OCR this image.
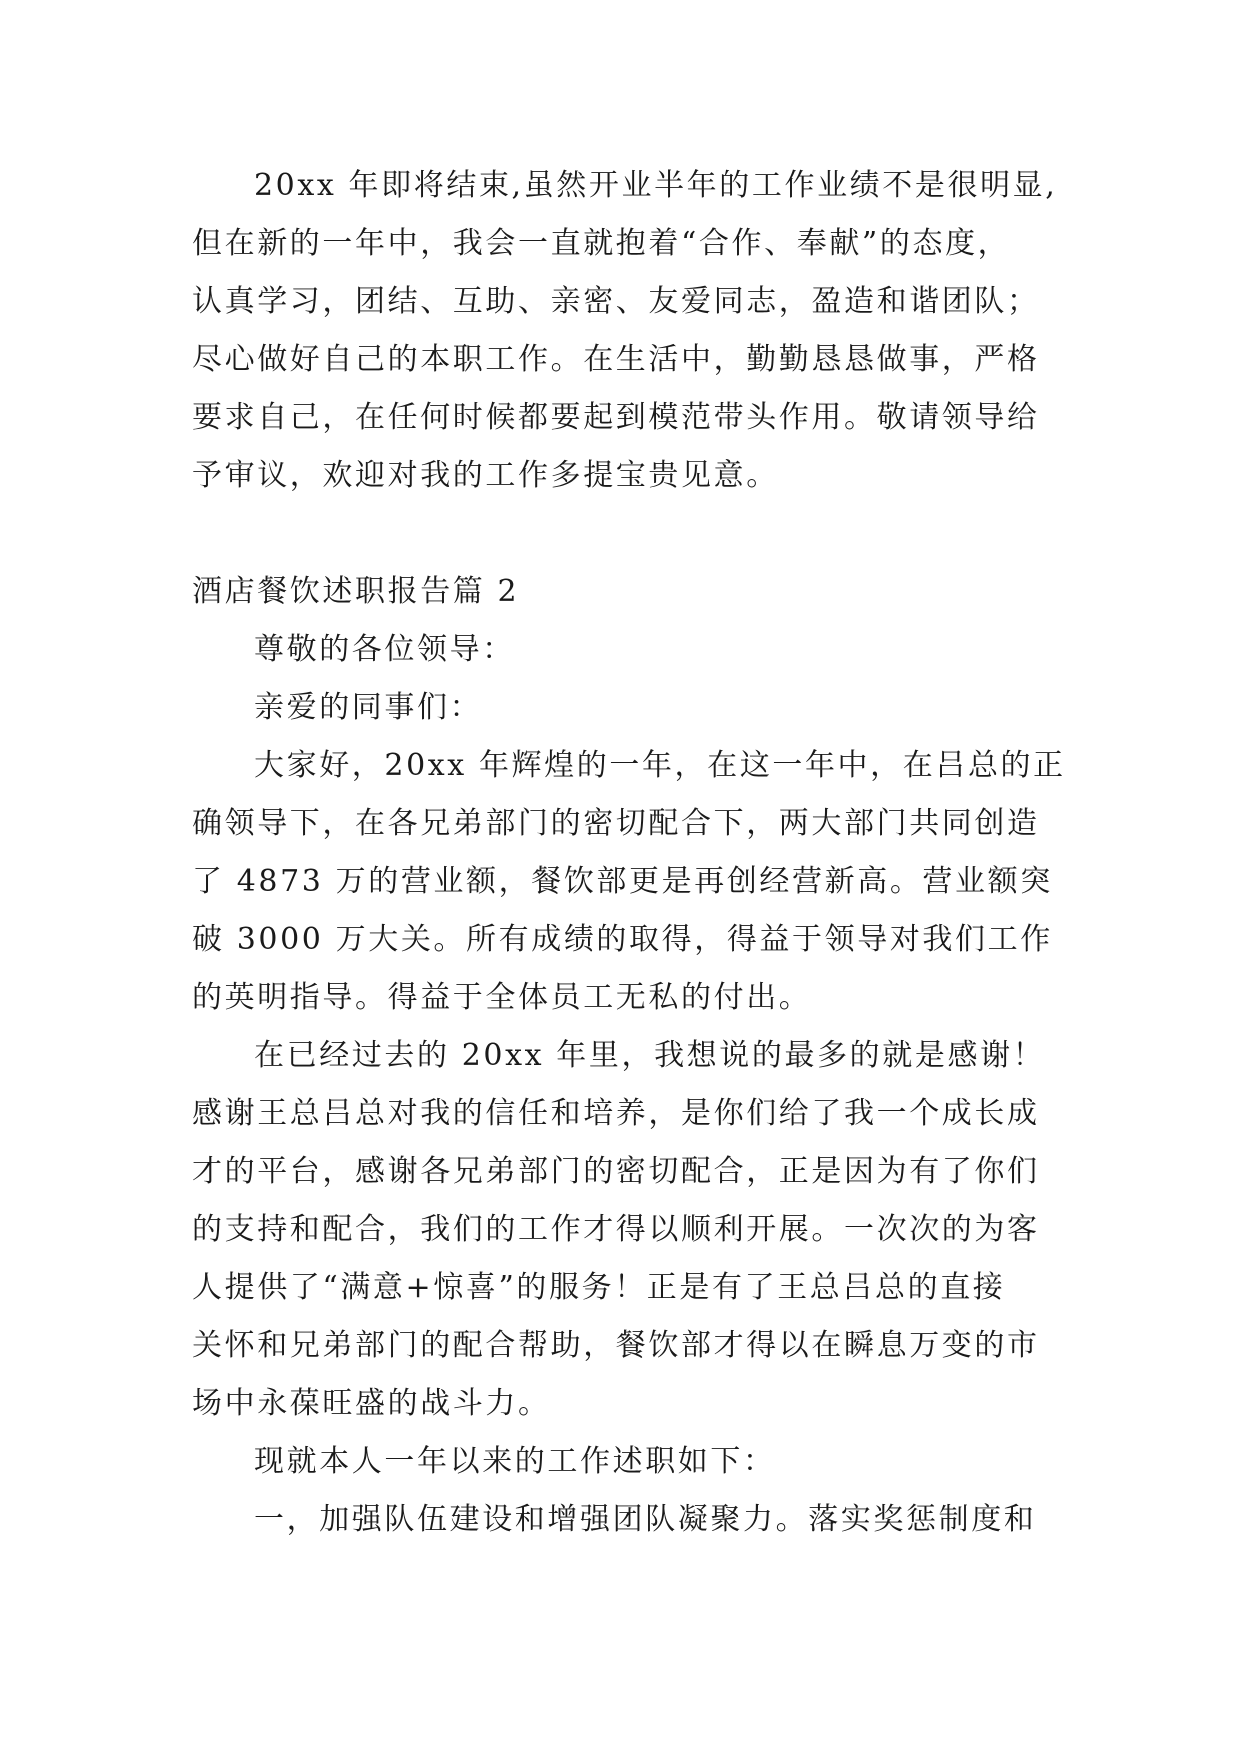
20xx 年即将结束,虽然开业半年的工作业绩不是很明显,
但在新的一年中，我会一直就抱着“合作、奉献”的态度，
认真学习，团结、互助、亲密、友爱同志，盈造和谐团队；
尽心做好自己的本职工作。在生活中，勤勤恳恳做事，严格
要求自己，在任何时候都要起到模范带头作用。敬请领导给
予审议，欢迎对我的工作多提宝贵见意。
酒店餐饮述职报告篇 2
尊敬的各位领导：
亲爱的同事们：
大家好，20xx 年辉煌的一年，在这一年中，在吕总的正
确领导下，在各兄弟部门的密切配合下，两大部门共同创造
了 4873 万的营业额，餐饮部更是再创经营新高。营业额突
破 3000 万大关。所有成绩的取得，得益于领导对我们工作
的英明指导。得益于全体员工无私的付出。
在已经过去的 20xx 年里，我想说的最多的就是感谢！
感谢王总吕总对我的信任和培养，是你们给了我一个成长成
才的平台，感谢各兄弟部门的密切配合，正是因为有了你们
的支持和配合，我们的工作才得以顺利开展。一次次的为客
人提供了“满意+惊喜”的服务！正是有了王总吕总的直接
关怀和兄弟部门的配合帮助，餐饮部才得以在瞬息万变的市
场中永葆旺盛的战斗力。
现就本人一年以来的工作述职如下：
一，加强队伍建设和增强团队凝聚力。落实奖惩制度和
